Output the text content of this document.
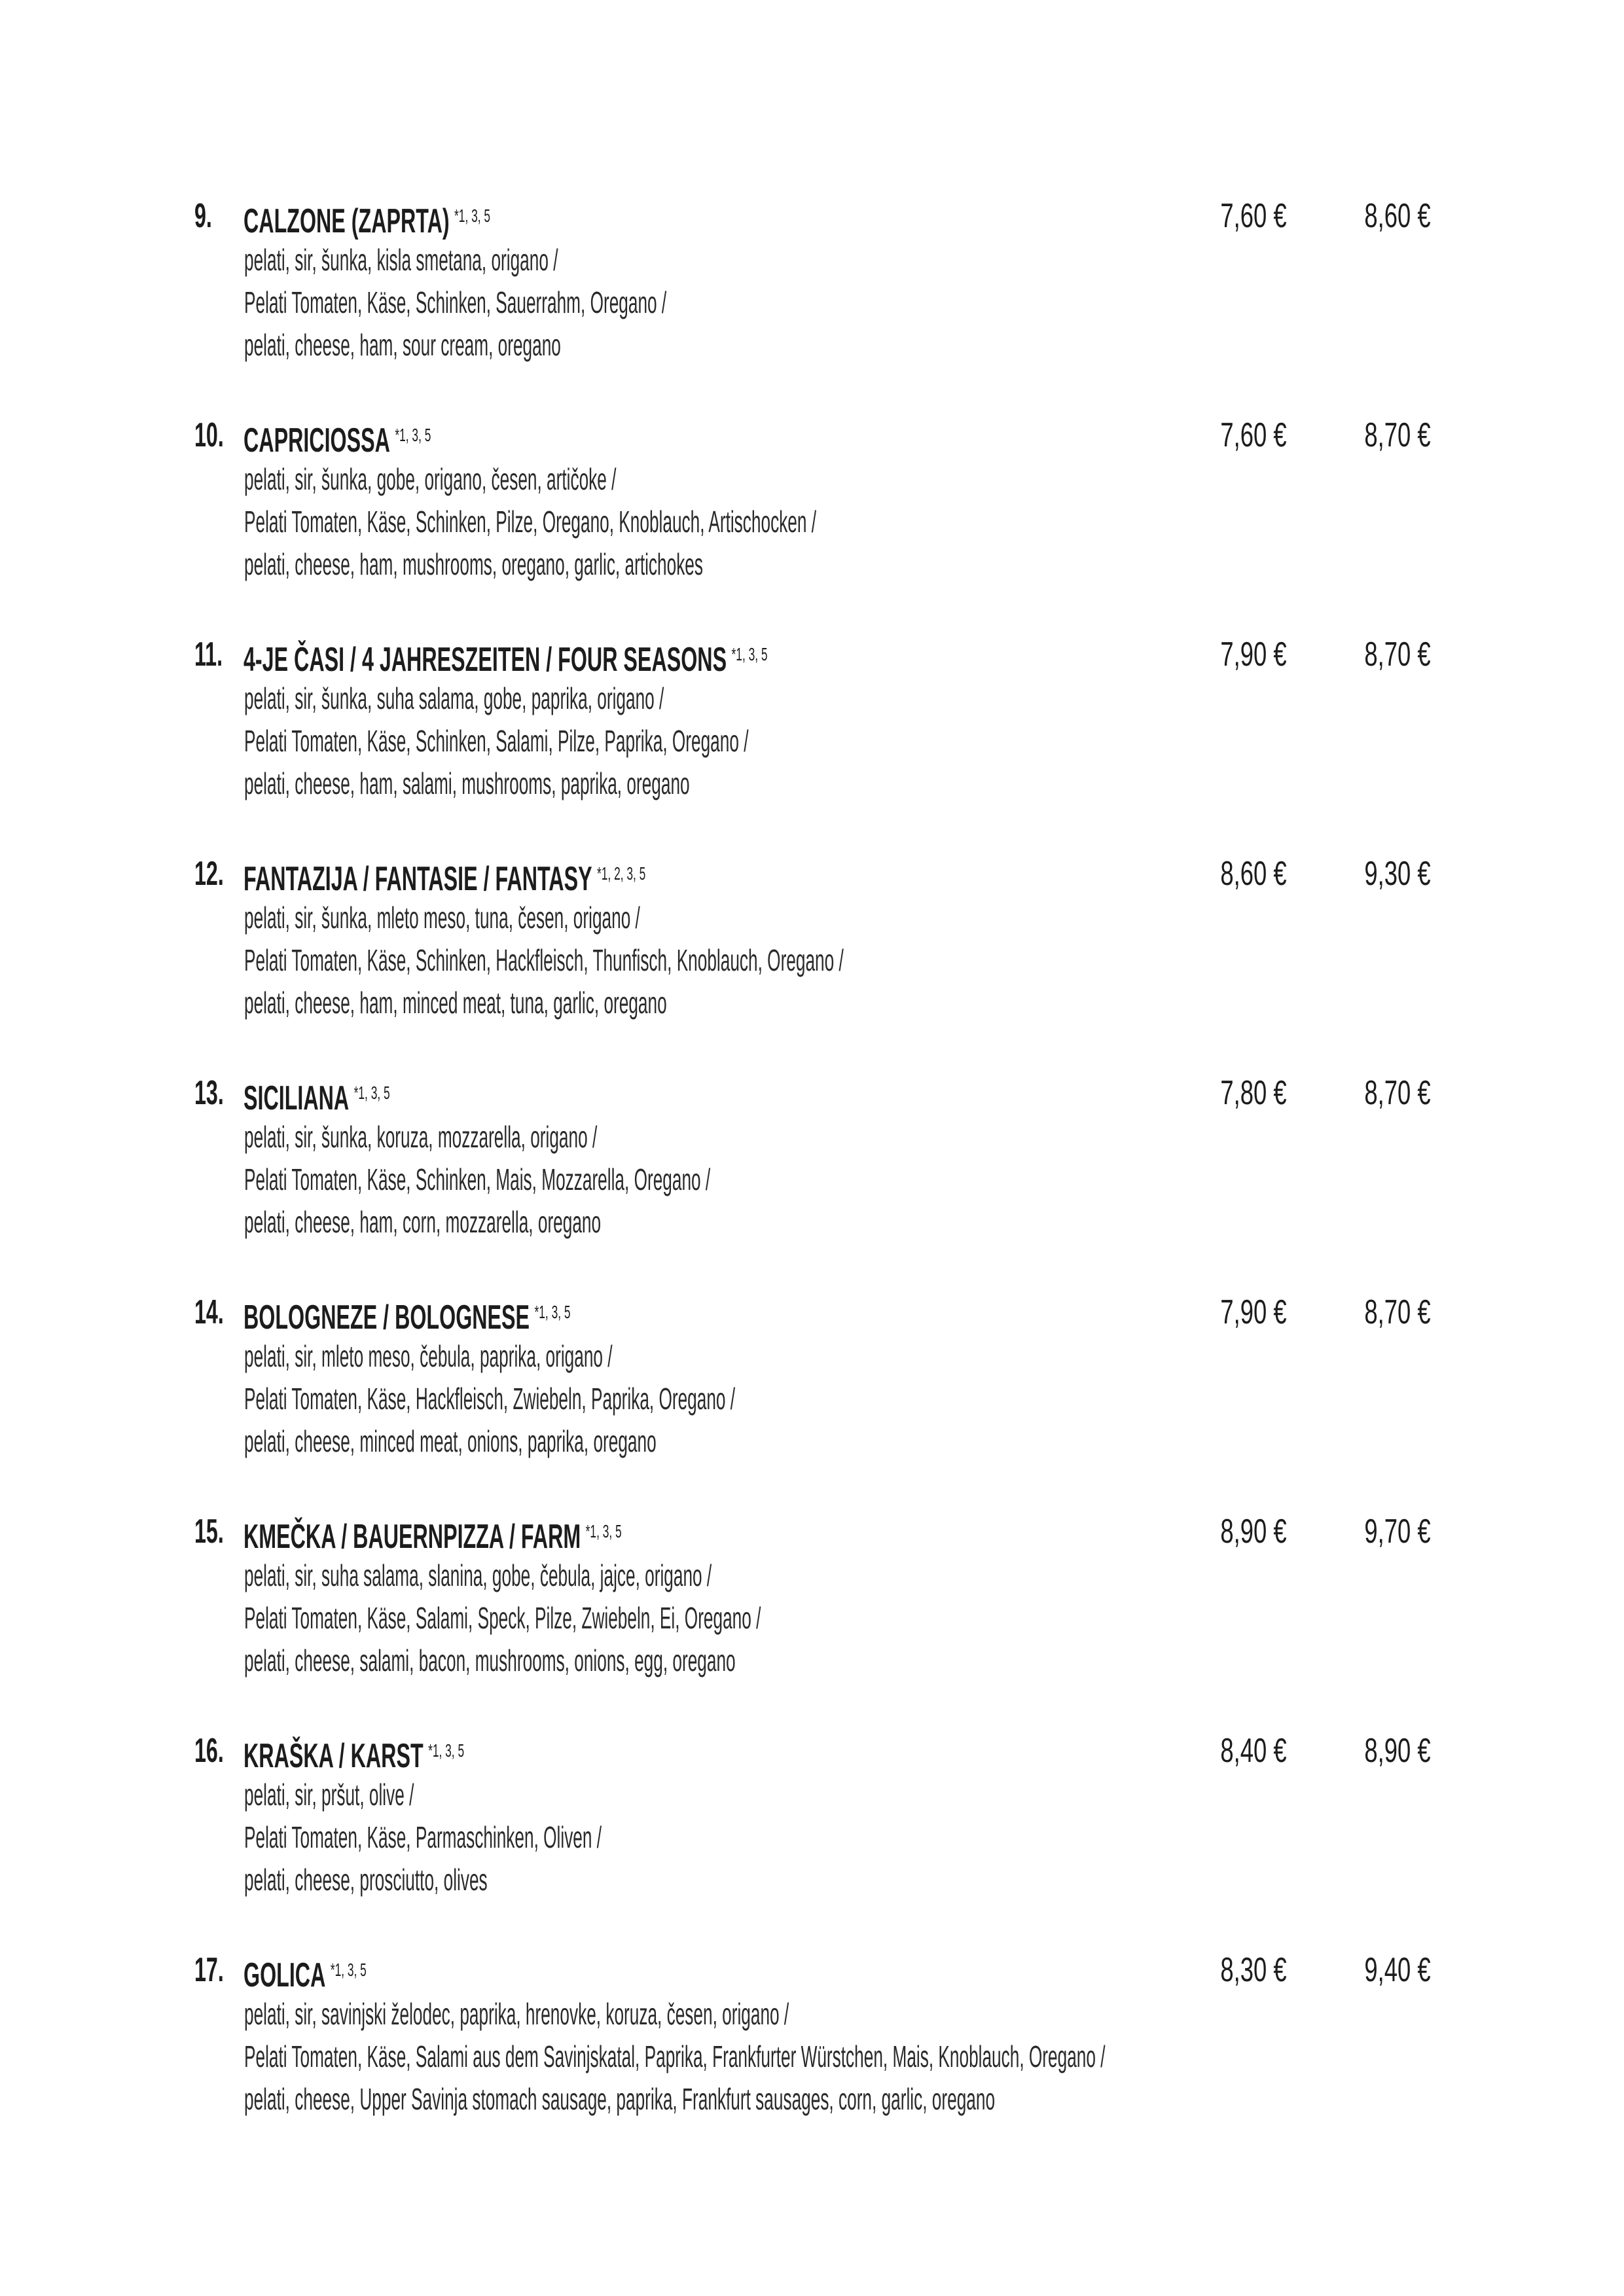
9. CALZONE (ZAPRTA) *1, 3, 5	7,60 € 8,60 €
pelati, sir, šunka, kisla smetana, origano /
Pelati Tomaten, Käse, Schinken, Sauerrahm, Oregano /
pelati, cheese, ham, sour cream, oregano
10. CAPRICIOSSA *1, 3, 5	7,60 € 8,70 €
pelati, sir, šunka, gobe, origano, česen, artičoke /
Pelati Tomaten, Käse, Schinken, Pilze, Oregano, Knoblauch, Artischocken /
pelati, cheese, ham, mushrooms, oregano, garlic, artichokes
11. 4-JE ČASI / 4 JAHRESZEITEN / FOUR SEASONS *1, 3, 5	7,90 € 8,70 €
pelati, sir, šunka, suha salama, gobe, paprika, origano /
Pelati Tomaten, Käse, Schinken, Salami, Pilze, Paprika, Oregano /
pelati, cheese, ham, salami, mushrooms, paprika, oregano
12. FANTAZIJA / FANTASIE / FANTASY *1, 2, 3, 5	8,60 € 9,30 €
pelati, sir, šunka, mleto meso, tuna, česen, origano /
Pelati Tomaten, Käse, Schinken, Hackfleisch, Thunfisch, Knoblauch, Oregano /
pelati, cheese, ham, minced meat, tuna, garlic, oregano
13. SICILIANA *1, 3, 5	7,80 € 8,70 €
pelati, sir, šunka, koruza, mozzarella, origano /
Pelati Tomaten, Käse, Schinken, Mais, Mozzarella, Oregano /
pelati, cheese, ham, corn, mozzarella, oregano
14. BOLOGNEZE / BOLOGNESE *1, 3, 5	7,90 € 8,70 €
pelati, sir, mleto meso, čebula, paprika, origano /
Pelati Tomaten, Käse, Hackfleisch, Zwiebeln, Paprika, Oregano /
pelati, cheese, minced meat, onions, paprika, oregano
15. KMEČKA / BAUERNPIZZA / FARM *1, 3, 5	8,90 € 9,70 €
pelati, sir, suha salama, slanina, gobe, čebula, jajce, origano /
Pelati Tomaten, Käse, Salami, Speck, Pilze, Zwiebeln, Ei, Oregano /
pelati, cheese, salami, bacon, mushrooms, onions, egg, oregano
16. KRAŠKA / KARST *1, 3, 5	8,40 € 8,90 €
pelati, sir, pršut, olive /
Pelati Tomaten, Käse, Parmaschinken, Oliven /
pelati, cheese, prosciutto, olives
17. GOLICA *1, 3, 5	8,30 € 9,40 €
pelati, sir, savinjski želodec, paprika, hrenovke, koruza, česen, origano /
Pelati Tomaten, Käse, Salami aus dem Savinjskatal, Paprika, Frankfurter Würstchen, Mais, Knoblauch, Oregano /
pelati, cheese, Upper Savinja stomach sausage, paprika, Frankfurt sausages, corn, garlic, oregano
